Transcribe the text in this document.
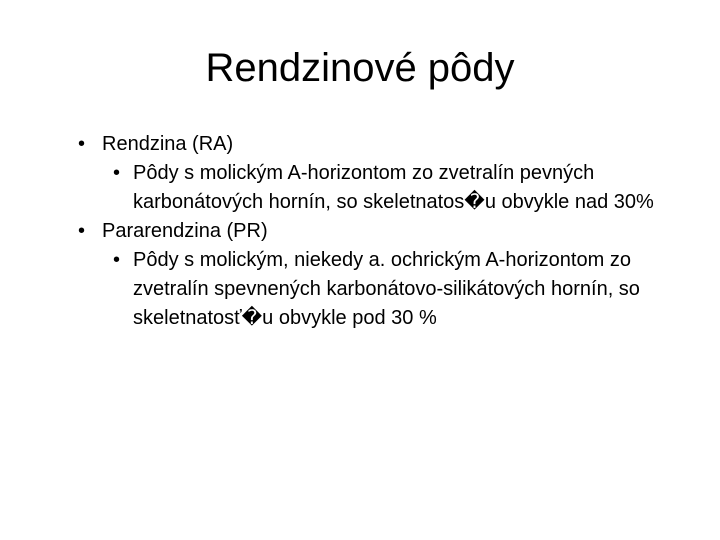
Rendzinové pôdy
• Rendzina (RA)
• Pôdy s molickým A-horizontom zo zvetralín pevných karbonátových hornín, so skeletnatos�u obvykle nad 30%
• Pararendzina (PR)
• Pôdy s molickým, niekedy a. ochrickým A-horizontom zo zvetralín spevnených karbonátovo-silikátových hornín, so skeletnatosť�u obvykle pod 30 %
